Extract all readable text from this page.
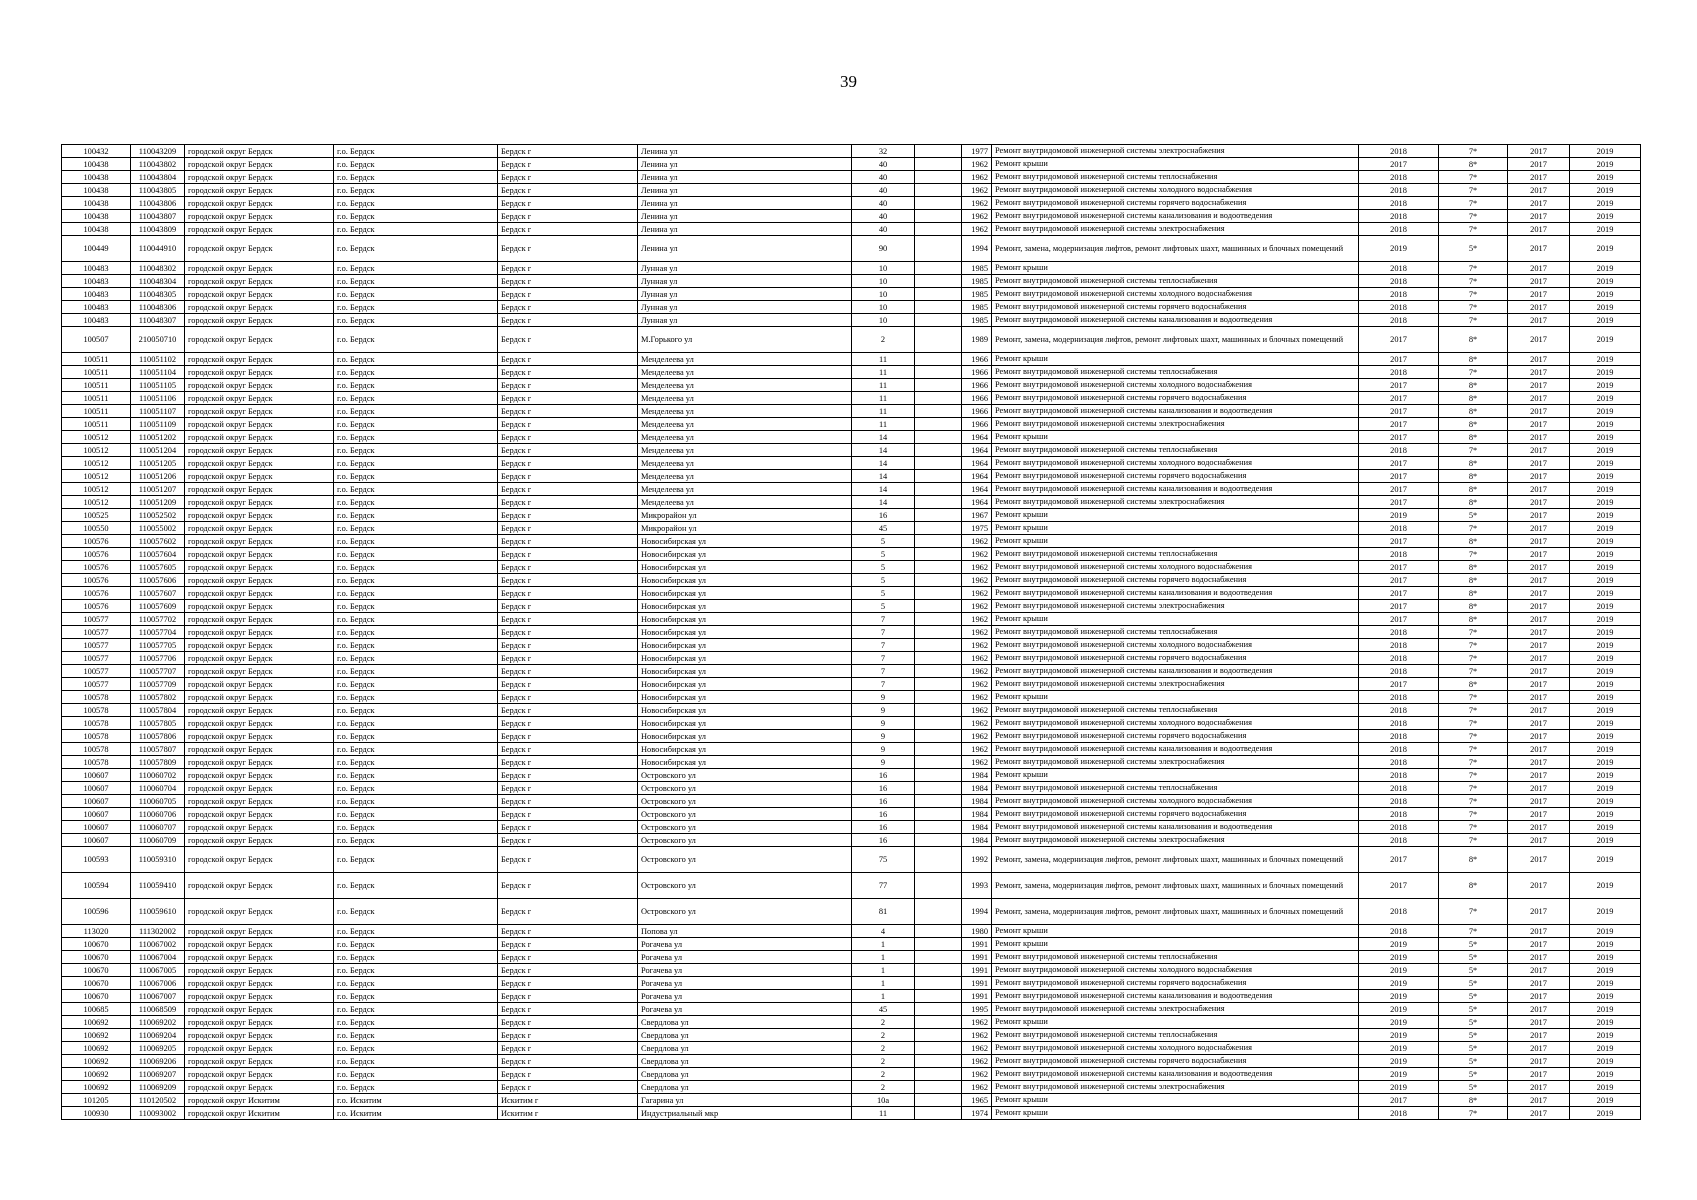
39
100432	110043209	городской округ Бердск	г.о. Бердск	Бердск г	Ленина ул	32		1977	Ремонт внутридомовой инженерной системы электроснабжения	2018	7*	2017	2019
100438	110043802	городской округ Бердск	г.о. Бердск	Бердск г	Ленина ул	40		1962	Ремонт крыши	2017	8*	2017	2019
100438	110043804	городской округ Бердск	г.о. Бердск	Бердск г	Ленина ул	40		1962	Ремонт внутридомовой инженерной системы теплоснабжения	2018	7*	2017	2019
100438	110043805	городской округ Бердск	г.о. Бердск	Бердск г	Ленина ул	40		1962	Ремонт внутридомовой инженерной системы холодного водоснабжения	2018	7*	2017	2019
100438	110043806	городской округ Бердск	г.о. Бердск	Бердск г	Ленина ул	40		1962	Ремонт внутридомовой инженерной системы горячего водоснабжения	2018	7*	2017	2019
100438	110043807	городской округ Бердск	г.о. Бердск	Бердск г	Ленина ул	40		1962	Ремонт внутридомовой инженерной системы канализования и водоотведения	2018	7*	2017	2019
100438	110043809	городской округ Бердск	г.о. Бердск	Бердск г	Ленина ул	40		1962	Ремонт внутридомовой инженерной системы электроснабжения	2018	7*	2017	2019
100449	110044910	городской округ Бердск	г.о. Бердск	Бердск г	Ленина ул	90		1994	Ремонт, замена, модернизация лифтов, ремонт лифтовых шахт, машинных и блочных помещений	2019	5*	2017	2019
100483	110048302	городской округ Бердск	г.о. Бердск	Бердск г	Лунная ул	10		1985	Ремонт крыши	2018	7*	2017	2019
100483	110048304	городской округ Бердск	г.о. Бердск	Бердск г	Лунная ул	10		1985	Ремонт внутридомовой инженерной системы теплоснабжения	2018	7*	2017	2019
100483	110048305	городской округ Бердск	г.о. Бердск	Бердск г	Лунная ул	10		1985	Ремонт внутридомовой инженерной системы холодного водоснабжения	2018	7*	2017	2019
100483	110048306	городской округ Бердск	г.о. Бердск	Бердск г	Лунная ул	10		1985	Ремонт внутридомовой инженерной системы горячего водоснабжения	2018	7*	2017	2019
100483	110048307	городской округ Бердск	г.о. Бердск	Бердск г	Лунная ул	10		1985	Ремонт внутридомовой инженерной системы канализования и водоотведения	2018	7*	2017	2019
100507	210050710	городской округ Бердск	г.о. Бердск	Бердск г	М.Горького ул	2		1989	Ремонт, замена, модернизация лифтов, ремонт лифтовых шахт, машинных и блочных помещений	2017	8*	2017	2019
100511	110051102	городской округ Бердск	г.о. Бердск	Бердск г	Менделеева ул	11		1966	Ремонт крыши	2017	8*	2017	2019
100511	110051104	городской округ Бердск	г.о. Бердск	Бердск г	Менделеева ул	11		1966	Ремонт внутридомовой инженерной системы теплоснабжения	2018	7*	2017	2019
100511	110051105	городской округ Бердск	г.о. Бердск	Бердск г	Менделеева ул	11		1966	Ремонт внутридомовой инженерной системы холодного водоснабжения	2017	8*	2017	2019
100511	110051106	городской округ Бердск	г.о. Бердск	Бердск г	Менделеева ул	11		1966	Ремонт внутридомовой инженерной системы горячего водоснабжения	2017	8*	2017	2019
100511	110051107	городской округ Бердск	г.о. Бердск	Бердск г	Менделеева ул	11		1966	Ремонт внутридомовой инженерной системы канализования и водоотведения	2017	8*	2017	2019
100511	110051109	городской округ Бердск	г.о. Бердск	Бердск г	Менделеева ул	11		1966	Ремонт внутридомовой инженерной системы электроснабжения	2017	8*	2017	2019
100512	110051202	городской округ Бердск	г.о. Бердск	Бердск г	Менделеева ул	14		1964	Ремонт крыши	2017	8*	2017	2019
100512	110051204	городской округ Бердск	г.о. Бердск	Бердск г	Менделеева ул	14		1964	Ремонт внутридомовой инженерной системы теплоснабжения	2018	7*	2017	2019
100512	110051205	городской округ Бердск	г.о. Бердск	Бердск г	Менделеева ул	14		1964	Ремонт внутридомовой инженерной системы холодного водоснабжения	2017	8*	2017	2019
100512	110051206	городской округ Бердск	г.о. Бердск	Бердск г	Менделеева ул	14		1964	Ремонт внутридомовой инженерной системы горячего водоснабжения	2017	8*	2017	2019
100512	110051207	городской округ Бердск	г.о. Бердск	Бердск г	Менделеева ул	14		1964	Ремонт внутридомовой инженерной системы канализования и водоотведения	2017	8*	2017	2019
100512	110051209	городской округ Бердск	г.о. Бердск	Бердск г	Менделеева ул	14		1964	Ремонт внутридомовой инженерной системы электроснабжения	2017	8*	2017	2019
100525	110052502	городской округ Бердск	г.о. Бердск	Бердск г	Микрорайон ул	16		1967	Ремонт крыши	2019	5*	2017	2019
100550	110055002	городской округ Бердск	г.о. Бердск	Бердск г	Микрорайон ул	45		1975	Ремонт крыши	2018	7*	2017	2019
100576	110057602	городской округ Бердск	г.о. Бердск	Бердск г	Новосибирская ул	5		1962	Ремонт крыши	2017	8*	2017	2019
100576	110057604	городской округ Бердск	г.о. Бердск	Бердск г	Новосибирская ул	5		1962	Ремонт внутридомовой инженерной системы теплоснабжения	2018	7*	2017	2019
100576	110057605	городской округ Бердск	г.о. Бердск	Бердск г	Новосибирская ул	5		1962	Ремонт внутридомовой инженерной системы холодного водоснабжения	2017	8*	2017	2019
100576	110057606	городской округ Бердск	г.о. Бердск	Бердск г	Новосибирская ул	5		1962	Ремонт внутридомовой инженерной системы горячего водоснабжения	2017	8*	2017	2019
100576	110057607	городской округ Бердск	г.о. Бердск	Бердск г	Новосибирская ул	5		1962	Ремонт внутридомовой инженерной системы канализования и водоотведения	2017	8*	2017	2019
100576	110057609	городской округ Бердск	г.о. Бердск	Бердск г	Новосибирская ул	5		1962	Ремонт внутридомовой инженерной системы электроснабжения	2017	8*	2017	2019
100577	110057702	городской округ Бердск	г.о. Бердск	Бердск г	Новосибирская ул	7		1962	Ремонт крыши	2017	8*	2017	2019
100577	110057704	городской округ Бердск	г.о. Бердск	Бердск г	Новосибирская ул	7		1962	Ремонт внутридомовой инженерной системы теплоснабжения	2018	7*	2017	2019
100577	110057705	городской округ Бердск	г.о. Бердск	Бердск г	Новосибирская ул	7		1962	Ремонт внутридомовой инженерной системы холодного водоснабжения	2018	7*	2017	2019
100577	110057706	городской округ Бердск	г.о. Бердск	Бердск г	Новосибирская ул	7		1962	Ремонт внутридомовой инженерной системы горячего водоснабжения	2018	7*	2017	2019
100577	110057707	городской округ Бердск	г.о. Бердск	Бердск г	Новосибирская ул	7		1962	Ремонт внутридомовой инженерной системы канализования и водоотведения	2018	7*	2017	2019
100577	110057709	городской округ Бердск	г.о. Бердск	Бердск г	Новосибирская ул	7		1962	Ремонт внутридомовой инженерной системы электроснабжения	2017	8*	2017	2019
100578	110057802	городской округ Бердск	г.о. Бердск	Бердск г	Новосибирская ул	9		1962	Ремонт крыши	2018	7*	2017	2019
100578	110057804	городской округ Бердск	г.о. Бердск	Бердск г	Новосибирская ул	9		1962	Ремонт внутридомовой инженерной системы теплоснабжения	2018	7*	2017	2019
100578	110057805	городской округ Бердск	г.о. Бердск	Бердск г	Новосибирская ул	9		1962	Ремонт внутридомовой инженерной системы холодного водоснабжения	2018	7*	2017	2019
100578	110057806	городской округ Бердск	г.о. Бердск	Бердск г	Новосибирская ул	9		1962	Ремонт внутридомовой инженерной системы горячего водоснабжения	2018	7*	2017	2019
100578	110057807	городской округ Бердск	г.о. Бердск	Бердск г	Новосибирская ул	9		1962	Ремонт внутридомовой инженерной системы канализования и водоотведения	2018	7*	2017	2019
100578	110057809	городской округ Бердск	г.о. Бердск	Бердск г	Новосибирская ул	9		1962	Ремонт внутридомовой инженерной системы электроснабжения	2018	7*	2017	2019
100607	110060702	городской округ Бердск	г.о. Бердск	Бердск г	Островского ул	16		1984	Ремонт крыши	2018	7*	2017	2019
100607	110060704	городской округ Бердск	г.о. Бердск	Бердск г	Островского ул	16		1984	Ремонт внутридомовой инженерной системы теплоснабжения	2018	7*	2017	2019
100607	110060705	городской округ Бердск	г.о. Бердск	Бердск г	Островского ул	16		1984	Ремонт внутридомовой инженерной системы холодного водоснабжения	2018	7*	2017	2019
100607	110060706	городской округ Бердск	г.о. Бердск	Бердск г	Островского ул	16		1984	Ремонт внутридомовой инженерной системы горячего водоснабжения	2018	7*	2017	2019
100607	110060707	городской округ Бердск	г.о. Бердск	Бердск г	Островского ул	16		1984	Ремонт внутридомовой инженерной системы канализования и водоотведения	2018	7*	2017	2019
100607	110060709	городской округ Бердск	г.о. Бердск	Бердск г	Островского ул	16		1984	Ремонт внутридомовой инженерной системы электроснабжения	2018	7*	2017	2019
100593	110059310	городской округ Бердск	г.о. Бердск	Бердск г	Островского ул	75		1992	Ремонт, замена, модернизация лифтов, ремонт лифтовых шахт, машинных и блочных помещений	2017	8*	2017	2019
100594	110059410	городской округ Бердск	г.о. Бердск	Бердск г	Островского ул	77		1993	Ремонт, замена, модернизация лифтов, ремонт лифтовых шахт, машинных и блочных помещений	2017	8*	2017	2019
100596	110059610	городской округ Бердск	г.о. Бердск	Бердск г	Островского ул	81		1994	Ремонт, замена, модернизация лифтов, ремонт лифтовых шахт, машинных и блочных помещений	2018	7*	2017	2019
113020	111302002	городской округ Бердск	г.о. Бердск	Бердск г	Попова ул	4		1980	Ремонт крыши	2018	7*	2017	2019
100670	110067002	городской округ Бердск	г.о. Бердск	Бердск г	Рогачева ул	1		1991	Ремонт крыши	2019	5*	2017	2019
100670	110067004	городской округ Бердск	г.о. Бердск	Бердск г	Рогачева ул	1		1991	Ремонт внутридомовой инженерной системы теплоснабжения	2019	5*	2017	2019
100670	110067005	городской округ Бердск	г.о. Бердск	Бердск г	Рогачева ул	1		1991	Ремонт внутридомовой инженерной системы холодного водоснабжения	2019	5*	2017	2019
100670	110067006	городской округ Бердск	г.о. Бердск	Бердск г	Рогачева ул	1		1991	Ремонт внутридомовой инженерной системы горячего водоснабжения	2019	5*	2017	2019
100670	110067007	городской округ Бердск	г.о. Бердск	Бердск г	Рогачева ул	1		1991	Ремонт внутридомовой инженерной системы канализования и водоотведения	2019	5*	2017	2019
100685	110068509	городской округ Бердск	г.о. Бердск	Бердск г	Рогачева ул	45		1995	Ремонт внутридомовой инженерной системы электроснабжения	2019	5*	2017	2019
100692	110069202	городской округ Бердск	г.о. Бердск	Бердск г	Свердлова ул	2		1962	Ремонт крыши	2019	5*	2017	2019
100692	110069204	городской округ Бердск	г.о. Бердск	Бердск г	Свердлова ул	2		1962	Ремонт внутридомовой инженерной системы теплоснабжения	2019	5*	2017	2019
100692	110069205	городской округ Бердск	г.о. Бердск	Бердск г	Свердлова ул	2		1962	Ремонт внутридомовой инженерной системы холодного водоснабжения	2019	5*	2017	2019
100692	110069206	городской округ Бердск	г.о. Бердск	Бердск г	Свердлова ул	2		1962	Ремонт внутридомовой инженерной системы горячего водоснабжения	2019	5*	2017	2019
100692	110069207	городской округ Бердск	г.о. Бердск	Бердск г	Свердлова ул	2		1962	Ремонт внутридомовой инженерной системы канализования и водоотведения	2019	5*	2017	2019
100692	110069209	городской округ Бердск	г.о. Бердск	Бердск г	Свердлова ул	2		1962	Ремонт внутридомовой инженерной системы электроснабжения	2019	5*	2017	2019
101205	110120502	городской округ Искитим	г.о. Искитим	Искитим г	Гагарина ул	10а		1965	Ремонт крыши	2017	8*	2017	2019
100930	110093002	городской округ Искитим	г.о. Искитим	Искитим г	Индустриальный мкр	11		1974	Ремонт крыши	2018	7*	2017	2019
